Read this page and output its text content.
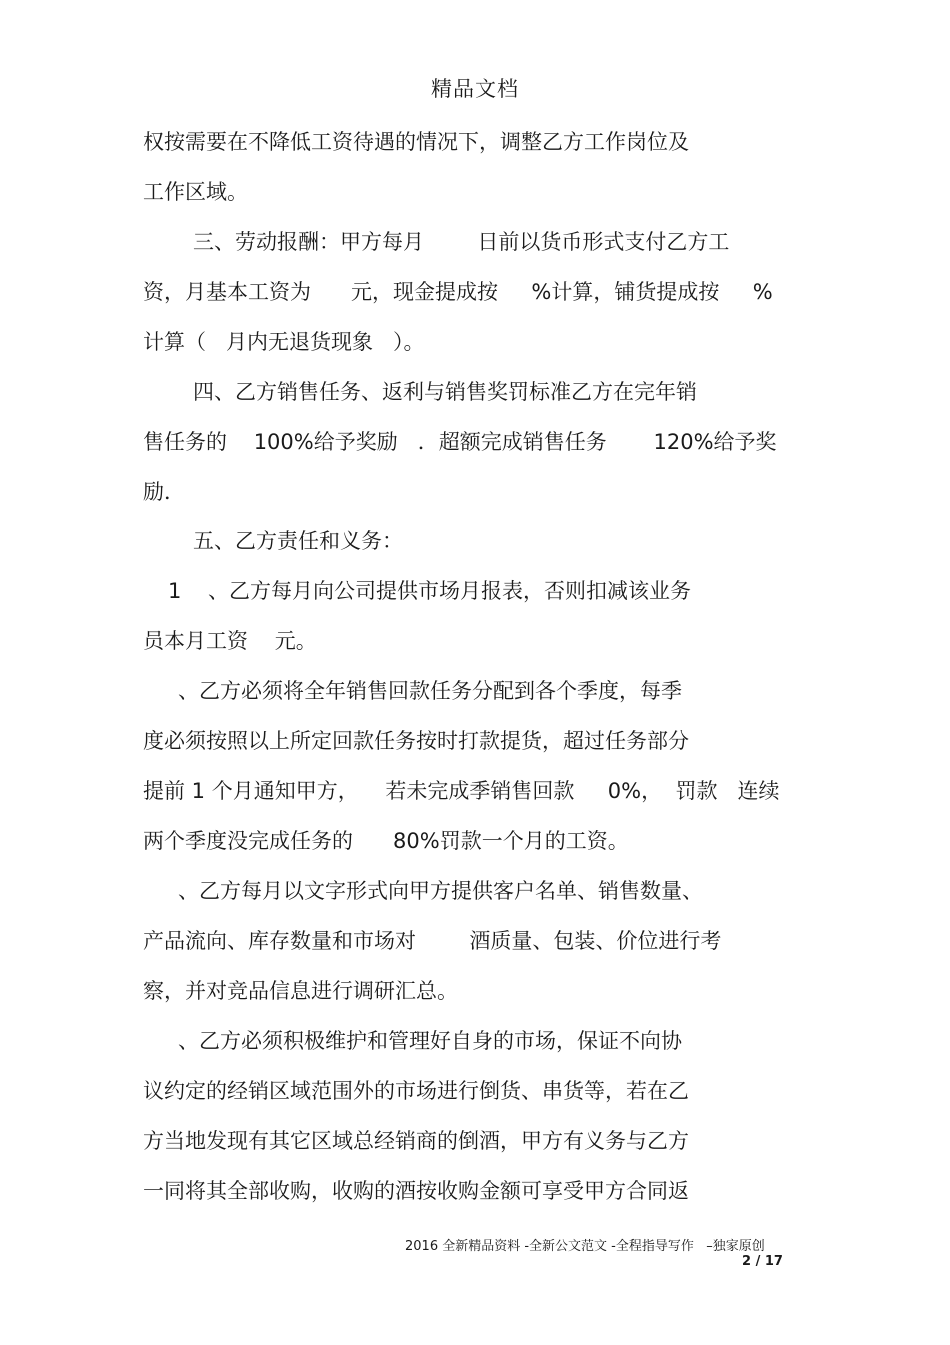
精品文档
权按需要在不降低工资待遇的情况下，调整乙方工作岗位及
工作区域。
三、劳动报酬：甲方每月        日前以货币形式支付乙方工
资，月基本工资为      元，现金提成按     %计算，铺货提成按     %
计算（   月内无退货现象   ）。
四、乙方销售任务、返利与销售奖罚标准乙方在完年销
售任务的    100%给予奖励   ．超额完成销售任务       120%给予奖
励．
五、乙方责任和义务：
1    、乙方每月向公司提供市场月报表，否则扣减该业务
员本月工资    元。
、乙方必须将全年销售回款任务分配到各个季度，每季
度必须按照以上所定回款任务按时打款提货，超过任务部分
提前 1 个月通知甲方，    若未完成季销售回款     0%，  罚款   连续
两个季度没完成任务的      80%罚款一个月的工资。
、乙方每月以文字形式向甲方提供客户名单、销售数量、
产品流向、库存数量和市场对        酒质量、包装、价位进行考
察，并对竞品信息进行调研汇总。
、乙方必须积极维护和管理好自身的市场，保证不向协
议约定的经销区域范围外的市场进行倒货、串货等，若在乙
方当地发现有其它区域总经销商的倒酒，甲方有义务与乙方
一同将其全部收购，收购的酒按收购金额可享受甲方合同返
2016 全新精品资料 -全新公文范文 -全程指导写作   –独家原创
2 / 17
